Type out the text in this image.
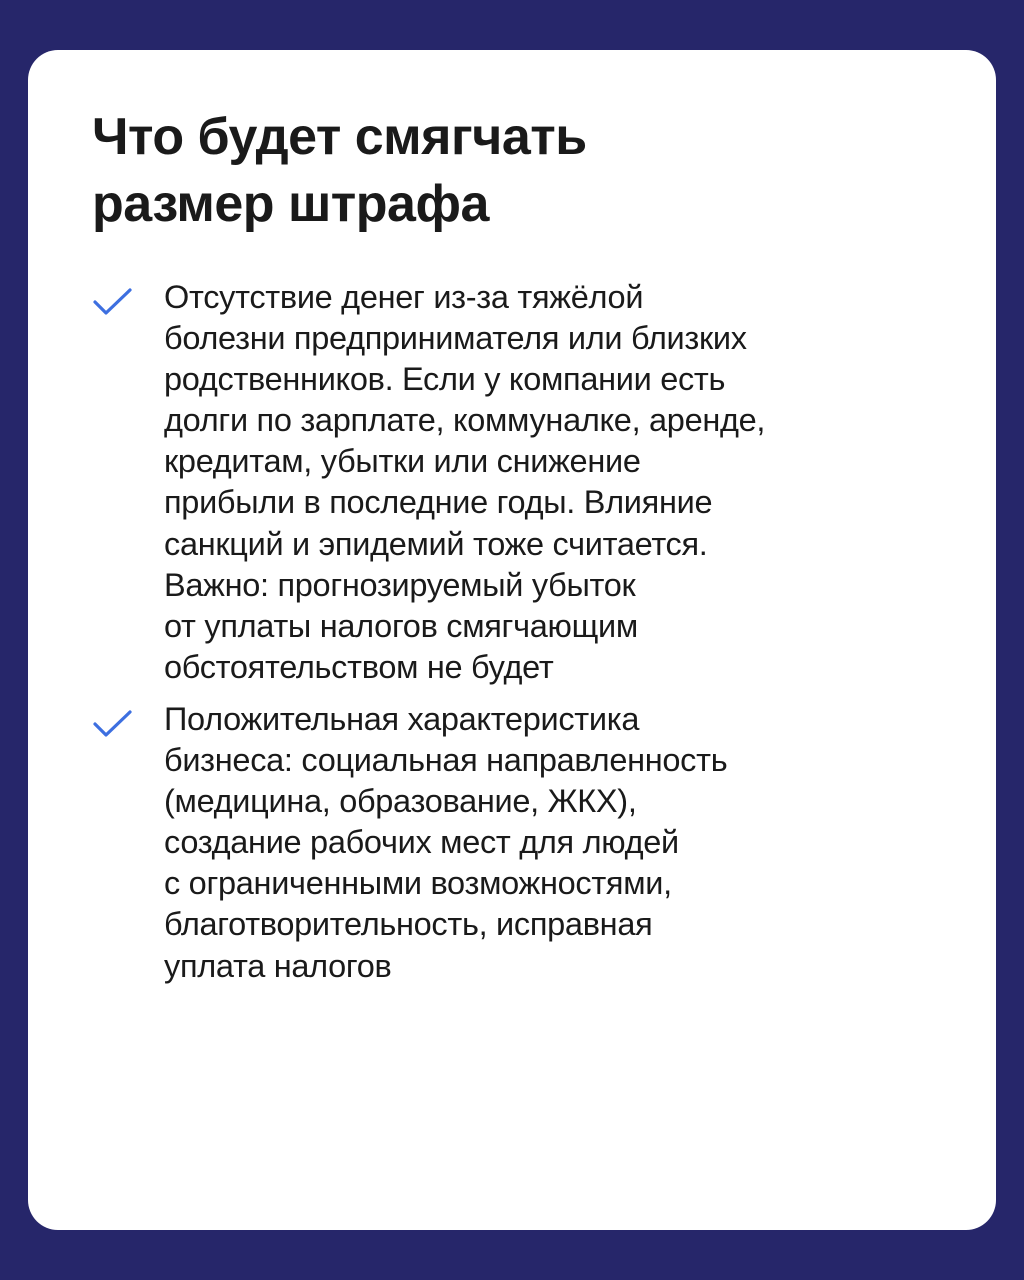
Что будет смягчать
размер штрафа
Отсутствие денег из-за тяжёлой
болезни предпринимателя или близких
родственников. Если у компании есть
долги по зарплате, коммуналке, аренде,
кредитам, убытки или снижение
прибыли в последние годы. Влияние
санкций и эпидемий тоже считается.
Важно: прогнозируемый убыток
от уплаты налогов смягчающим
обстоятельством не будет
Положительная характеристика
бизнеса: социальная направленность
(медицина, образование, ЖКХ),
создание рабочих мест для людей
с ограниченными возможностями,
благотворительность, исправная
уплата налогов
